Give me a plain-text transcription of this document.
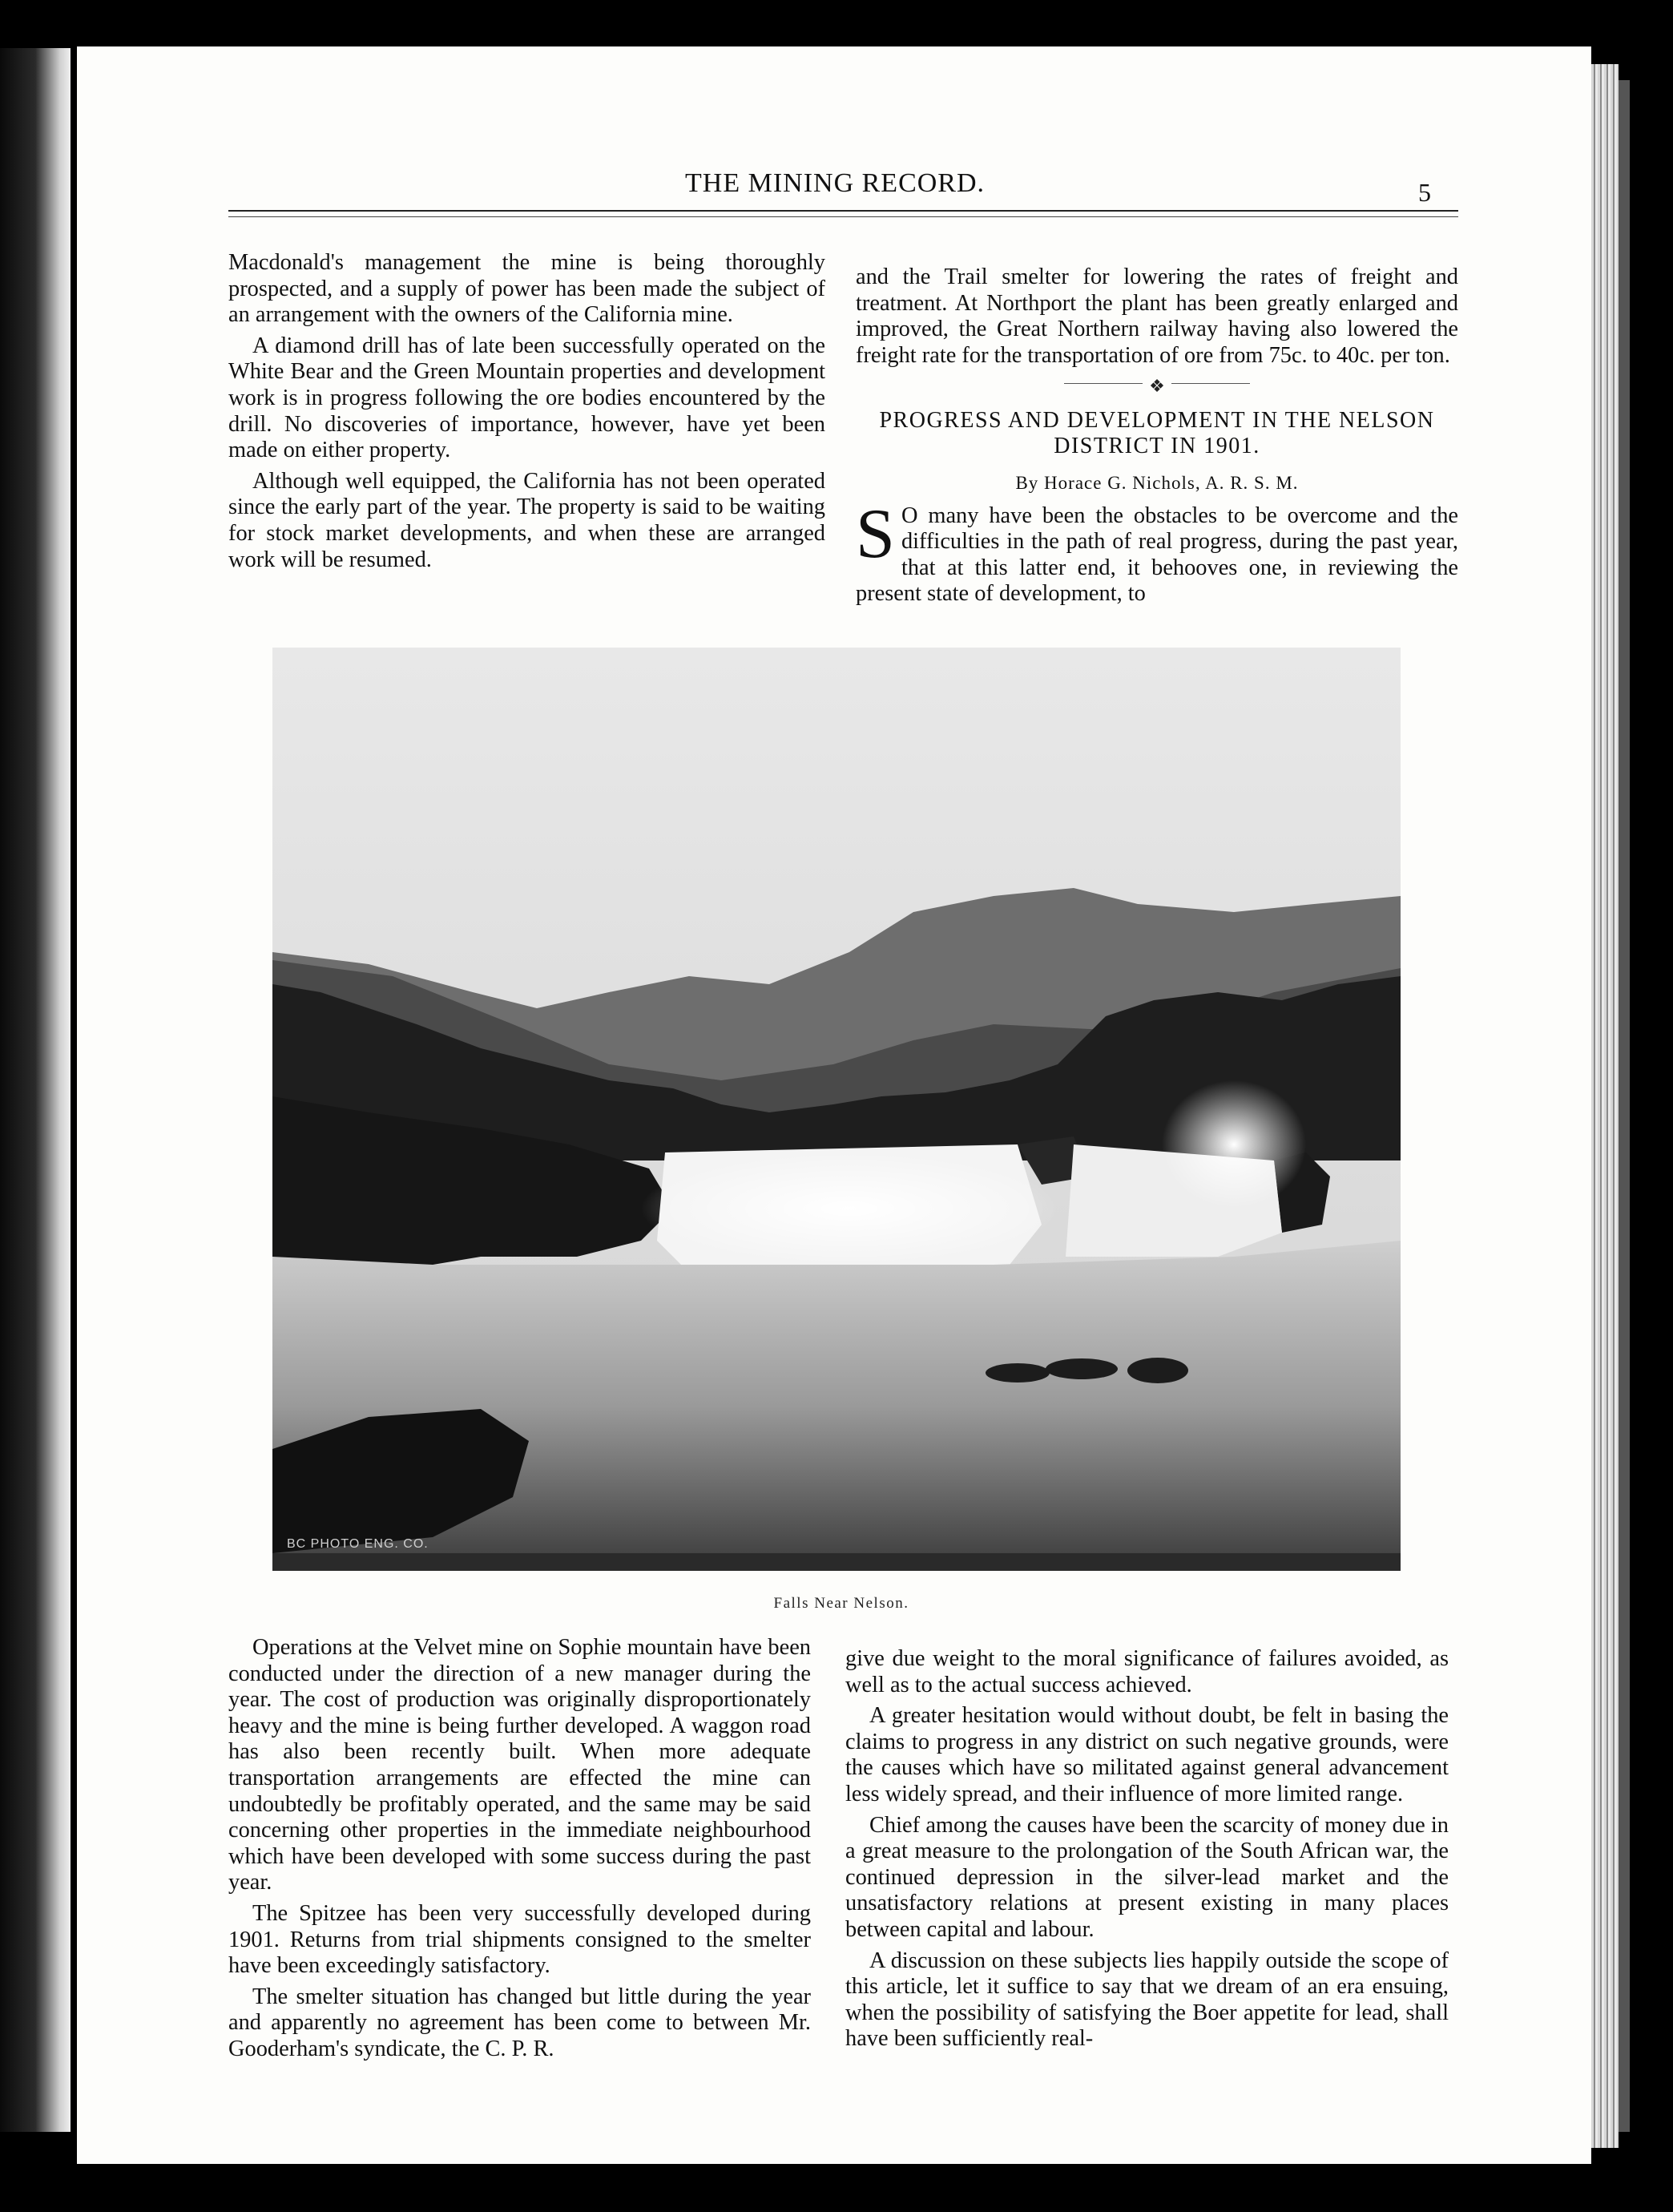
THE MINING RECORD.	5

Macdonald's management the mine is being thoroughly prospected, and a supply of power has been made the subject of an arrangement with the owners of the California mine.

A diamond drill has of late been successfully operated on the White Bear and the Green Mountain properties and development work is in progress following the ore bodies encountered by the drill. No discoveries of importance, however, have yet been made on either property.

Although well equipped, the California has not been operated since the early part of the year. The property is said to be waiting for stock market developments, and when these are arranged work will be resumed.

and the Trail smelter for lowering the rates of freight and treatment. At Northport the plant has been greatly enlarged and improved, the Great Northern railway having also lowered the freight rate for the transportation of ore from 75c. to 40c. per ton.

❖
PROGRESS AND DEVELOPMENT IN THE NELSON DISTRICT IN 1901.
By Horace G. Nichols, A. R. S. M.

S O many have been the obstacles to be overcome and the difficulties in the path of real progress, during the past year, that at this latter end, it behooves one, in reviewing the present state of development, to

BC PHOTO ENG. CO.
Falls Near Nelson.

Operations at the Velvet mine on Sophie mountain have been conducted under the direction of a new manager during the year. The cost of production was originally disproportionately heavy and the mine is being further developed. A waggon road has also been recently built. When more adequate transportation arrangements are effected the mine can undoubtedly be profitably operated, and the same may be said concerning other properties in the immediate neighbourhood which have been developed with some success during the past year.

The Spitzee has been very successfully developed during 1901. Returns from trial shipments consigned to the smelter have been exceedingly satisfactory.

The smelter situation has changed but little during the year and apparently no agreement has been come to between Mr. Gooderham's syndicate, the C. P. R.

give due weight to the moral significance of failures avoided, as well as to the actual success achieved.

A greater hesitation would without doubt, be felt in basing the claims to progress in any district on such negative grounds, were the causes which have so militated against general advancement less widely spread, and their influence of more limited range.

Chief among the causes have been the scarcity of money due in a great measure to the prolongation of the South African war, the continued depression in the silver-lead market and the unsatisfactory relations at present existing in many places between capital and labour.

A discussion on these subjects lies happily outside the scope of this article, let it suffice to say that we dream of an era ensuing, when the possibility of satisfying the Boer appetite for lead, shall have been sufficiently real-
